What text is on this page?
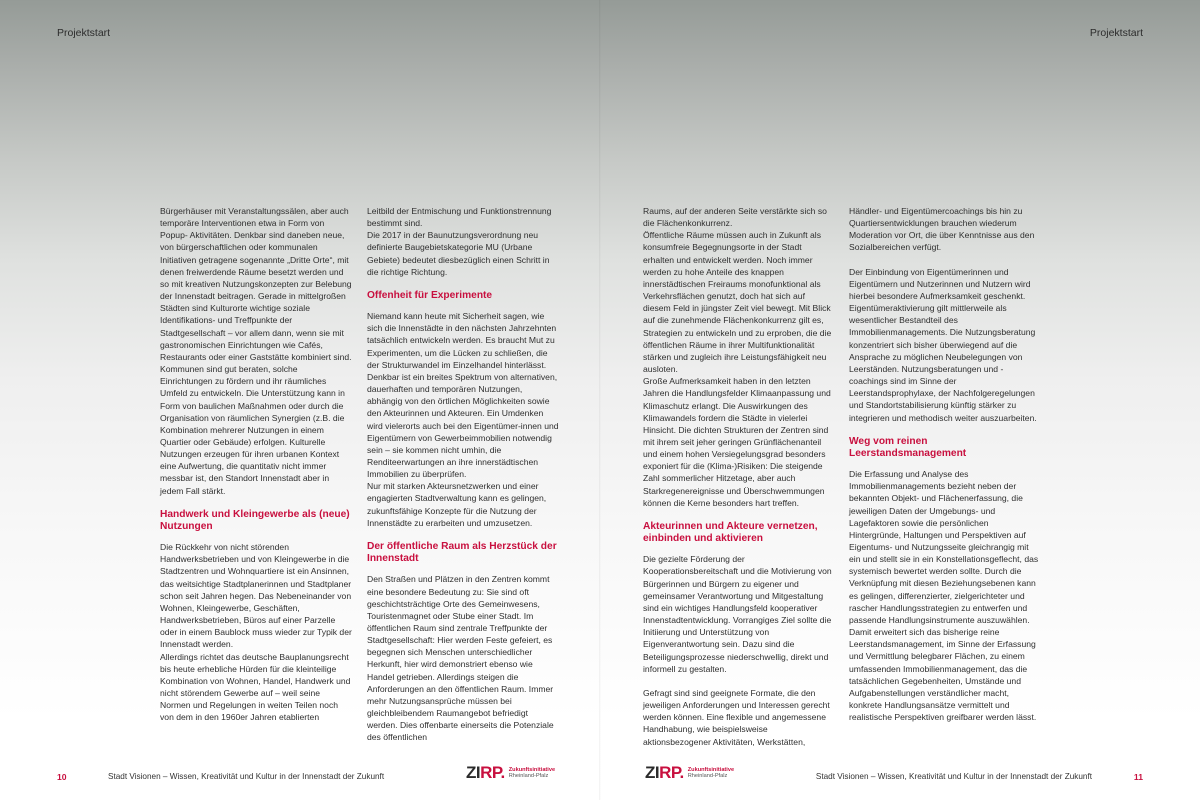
Projektstart	Projektstart

Bürgerhäuser mit Veranstaltungssälen, aber auch temporäre Interventionen etwa in Form von Popup- Aktivitäten. Denkbar sind daneben neue, von bürgerschaftlichen oder kommunalen Initiativen getragene sogenannte „Dritte Orte“, mit denen freiwerdende Räume besetzt werden und so mit kreativen Nutzungskonzepten zur Belebung der Innenstadt beitragen. Gerade in mittelgroßen Städten sind Kulturorte wichtige soziale Identifikations- und Treffpunkte der Stadtgesellschaft – vor allem dann, wenn sie mit gastronomischen Einrichtungen wie Cafés, Restaurants oder einer Gaststätte kombiniert sind. Kommunen sind gut beraten, solche Einrichtungen zu fördern und ihr räumliches Umfeld zu entwickeln. Die Unterstützung kann in Form von baulichen Maßnahmen oder durch die Organisation von räumlichen Synergien (z.B. die Kombination mehrerer Nutzungen in einem Quartier oder Gebäude) erfolgen. Kulturelle Nutzungen erzeugen für ihren urbanen Kontext eine Aufwertung, die quantitativ nicht immer messbar ist, den Standort Innenstadt aber in jedem Fall stärkt.

Handwerk und Kleingewerbe als (neue) Nutzungen

Die Rückkehr von nicht störenden Handwerksbetrieben und von Kleingewerbe in die Stadtzentren und Wohnquartiere ist ein Ansinnen, das weitsichtige Stadtplanerinnen und Stadtplaner schon seit Jahren hegen. Das Nebeneinander von Wohnen, Kleingewerbe, Geschäften, Handwerksbetrieben, Büros auf einer Parzelle oder in einem Baublock muss wieder zur Typik der Innenstadt werden.

Allerdings richtet das deutsche Bauplanungsrecht bis heute erhebliche Hürden für die kleinteilige Kombination von Wohnen, Handel, Handwerk und nicht störendem Gewerbe auf – weil seine Normen und Regelungen in weiten Teilen noch von dem in den 1960er Jahren etablierten

Leitbild der Entmischung und Funktionstrennung bestimmt sind.

Die 2017 in der Baunutzungsverordnung neu definierte Baugebietskategorie MU (Urbane Gebiete) bedeutet diesbezüglich einen Schritt in die richtige Richtung.

Offenheit für Experimente

Niemand kann heute mit Sicherheit sagen, wie sich die Innenstädte in den nächsten Jahrzehnten tatsächlich entwickeln werden. Es braucht Mut zu Experimenten, um die Lücken zu schließen, die der Strukturwandel im Einzelhandel hinterlässt. Denkbar ist ein breites Spektrum von alternativen, dauerhaften und temporären Nutzungen, abhängig von den örtlichen Möglichkeiten sowie den Akteurinnen und Akteuren. Ein Umdenken wird vielerorts auch bei den Eigentümer-innen und Eigentümern von Gewerbeimmobilien notwendig sein – sie kommen nicht umhin, die Renditeerwartungen an ihre innerstädtischen Immobilien zu überprüfen.

Nur mit starken Akteursnetzwerken und einer engagierten Stadtverwaltung kann es gelingen, zukunftsfähige Konzepte für die Nutzung der Innenstädte zu erarbeiten und umzusetzen.

Der öffentliche Raum als Herzstück der Innenstadt

Den Straßen und Plätzen in den Zentren kommt eine besondere Bedeutung zu: Sie sind oft geschichtsträchtige Orte des Gemeinwesens, Touristenmagnet oder Stube einer Stadt. Im öffentlichen Raum sind zentrale Treffpunkte der Stadtgesellschaft: Hier werden Feste gefeiert, es begegnen sich Menschen unterschiedlicher Herkunft, hier wird demonstriert ebenso wie Handel getrieben. Allerdings steigen die Anforderungen an den öffentlichen Raum. Immer mehr Nutzungsansprüche müssen bei gleichbleibendem Raumangebot befriedigt werden. Dies offenbarte einerseits die Potenziale des öffentlichen

Raums, auf der anderen Seite verstärkte sich so die Flächenkonkurrenz.

Öffentliche Räume müssen auch in Zukunft als konsumfreie Begegnungsorte in der Stadt erhalten und entwickelt werden. Noch immer werden zu hohe Anteile des knappen innerstädtischen Freiraums monofunktional als Verkehrsflächen genutzt, doch hat sich auf diesem Feld in jüngster Zeit viel bewegt. Mit Blick auf die zunehmende Flächenkonkurrenz gilt es, Strategien zu entwickeln und zu erproben, die die öffentlichen Räume in ihrer Multifunktionalität stärken und zugleich ihre Leistungsfähigkeit neu ausloten.

Große Aufmerksamkeit haben in den letzten Jahren die Handlungsfelder Klimaanpassung und Klimaschutz erlangt. Die Auswirkungen des Klimawandels fordern die Städte in vielerlei Hinsicht. Die dichten Strukturen der Zentren sind mit ihrem seit jeher geringen Grünflächenanteil und einem hohen Versiegelungsgrad besonders exponiert für die (Klima-)Risiken: Die steigende Zahl sommerlicher Hitzetage, aber auch Starkregenereignisse und Überschwemmungen können die Kerne besonders hart treffen.

Akteurinnen und Akteure vernetzen, einbinden und aktivieren

Die gezielte Förderung der Kooperationsbereitschaft und die Motivierung von Bürgerinnen und Bürgern zu eigener und gemeinsamer Verantwortung und Mitgestaltung sind ein wichtiges Handlungsfeld kooperativer Innenstadtentwicklung. Vorrangiges Ziel sollte die Initiierung und Unterstützung von Eigenverantwortung sein. Dazu sind die Beteiligungsprozesse niederschwellig, direkt und informell zu gestalten.

Gefragt sind sind geeignete Formate, die den jeweiligen Anforderungen und Interessen gerecht werden können. Eine flexible und angemessene Handhabung, wie beispielsweise aktionsbezogener Aktivitäten, Werkstätten,

Händler- und Eigentümercoachings bis hin zu Quartiersentwicklungen brauchen wiederum Moderation vor Ort, die über Kenntnisse aus den Sozialbereichen verfügt.

Der Einbindung von Eigentümerinnen und Eigentümern und Nutzerinnen und Nutzern wird hierbei besondere Aufmerksamkeit geschenkt. Eigentümeraktivierung gilt mittlerweile als wesentlicher Bestandteil des Immobilienmanagements. Die Nutzungsberatung konzentriert sich bisher überwiegend auf die Ansprache zu möglichen Neubelegungen von Leerständen. Nutzungsberatungen und -coachings sind im Sinne der Leerstandsprophylaxe, der Nachfolgeregelungen und Standortstabilisierung künftig stärker zu integrieren und methodisch weiter auszuarbeiten.

Weg vom reinen Leerstandsmanagement

Die Erfassung und Analyse des Immobilienmanagements bezieht neben der bekannten Objekt- und Flächenerfassung, die jeweiligen Daten der Umgebungs- und Lagefaktoren sowie die persönlichen Hintergründe, Haltungen und Perspektiven auf Eigentums- und Nutzungsseite gleichrangig mit ein und stellt sie in ein Konstellationsgeflecht, das systemisch bewertet werden sollte. Durch die Verknüpfung mit diesen Beziehungsebenen kann es gelingen, differenzierter, zielgerichteter und rascher Handlungsstrategien zu entwerfen und passende Handlungsinstrumente auszuwählen. Damit erweitert sich das bisherige reine Leerstandsmanagement, im Sinne der Erfassung und Vermittlung belegbarer Flächen, zu einem umfassenden Immobilienmanagement, das die tatsächlichen Gegebenheiten, Umstände und Aufgabenstellungen verständlicher macht, konkrete Handlungsansätze vermittelt und realistische Perspektiven greifbarer werden lässt.

10	Stadt Visionen – Wissen, Kreativität und Kultur in der Innenstadt der Zukunft	ZIRP. Zukunftsinitiative
Rheinland-Pfalz	ZIRP. Zukunftsinitiative
Rheinland-Pfalz	Stadt Visionen – Wissen, Kreativität und Kultur in der Innenstadt der Zukunft	11
